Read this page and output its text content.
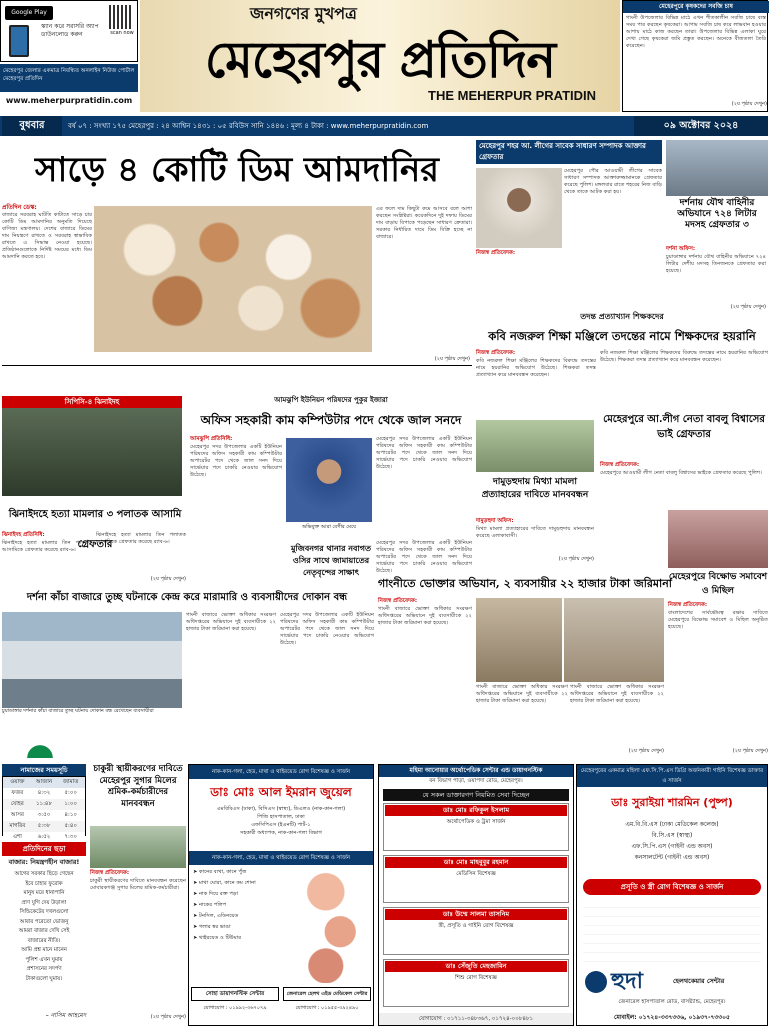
Google Play
scan now
স্ক্যান করে সরাসরি অ্যাপ ডাউনলোড করুন
মেহেরপুর জেলার একমাত্র নিবন্ধিত অনলাইন নিউজ পোর্টাল মেহেরপুর প্রতিদিন
www.meherpurpratidin.com
জনগণের মুখপত্র
মেহেরপুর প্রতিদিন
THE MEHERPUR PRATIDIN
মেহেরপুরে কৃষকদের সবজি চাষ
গাংনী উপজেলার বিভিন্ন মাঠে এখন শীতকালীন সবজি চাষে ব্যস্ত সময় পার করছেন কৃষকেরা। আগাম সবজি চাষ করে লাভবান হওয়ার আশায় মাঠে কাজ করছেন তারা। উপজেলার বিভিন্ন এলাকা ঘুরে দেখা গেছে কৃষকেরা জমি প্রস্তুত করছেন। অনেকে বীজতলা তৈরি করেছেন।
(২য় পৃষ্ঠায় দেখুন)
বুধবার	বর্ষ ০৭ : সংখ্যা ১৭৫ মেহেরপুর : ২৪ আশ্বিন ১৪৩১ : ০৫ রবিউস সানি ১৪৪৬ : মূল্য ৪ টাকা : www.meherpurpratidin.com	০৯ অক্টোবর ২০২৪
সাড়ে ৪ কোটি ডিম আমদানির
প্রতিদিন ডেস্ক:
বাজারে সরবরাহ ঘাটতি কাটাতে সাড়ে চার কোটি ডিম আমদানির অনুমতি দিয়েছে বাণিজ্য মন্ত্রণালয়। দেশের বাজারে ডিমের দাম নিয়ন্ত্রণে রাখতে ও সরবরাহ স্বাভাবিক রাখতে এ সিদ্ধান্ত নেওয়া হয়েছে। প্রতিষ্ঠানগুলোকে নির্দিষ্ট সময়ের মধ্যে ডিম আমদানি করতে হবে।
এর ফলে দাম কিছুটা কমে আসবে বলে আশা করছেন সংশ্লিষ্টরা। কয়েকদিনে দুই দফায় ডিমের দাম বাড়ায় বিপাকে পড়েছেন সাধারণ ক্রেতারা। সরকার নির্ধারিত দামে ডিম বিক্রি হচ্ছে না বাজারে।
(২য় পৃষ্ঠায় দেখুন)
মেহেরপুর শহর আ. লীগের সাবেক সাধারণ সম্পাদক আক্তার গ্রেফতার
নিজস্ব প্রতিবেদক:
মেহেরপুর পৌর আওয়ামী লীগের সাবেক সাধারণ সম্পাদক আক্তারুজ্জামানকে গ্রেফতার করেছে পুলিশ। মঙ্গলবার রাতে শহরের নিজ বাড়ি থেকে তাকে আটক করা হয়।
দর্শনায় যৌথ বাহিনীর অভিযানে ৭২৪ লিটার মদসহ গ্রেফতার ৩
দর্শনা অফিস:
চুয়াডাঙ্গার দর্শনায় যৌথ বাহিনীর অভিযানে ৭২৪ লিটার দেশীয় মদসহ তিনজনকে গ্রেফতার করা হয়েছে।
(২য় পৃষ্ঠায় দেখুন)
তদন্ত প্রত্যাখ্যান শিক্ষকদের
কবি নজরুল শিক্ষা মঞ্জিলে তদন্তের নামে শিক্ষকদের হয়রানি
নিজস্ব প্রতিবেদক:
কবি নজরুল শিক্ষা মঞ্জিলের শিক্ষকদের বিরুদ্ধে তদন্তের নামে হয়রানির অভিযোগ উঠেছে। শিক্ষকরা তদন্ত প্রত্যাখ্যান করে মানববন্ধন করেছেন।
কবি নজরুল শিক্ষা মঞ্জিলের শিক্ষকদের বিরুদ্ধে তদন্তের নামে হয়রানির অভিযোগ উঠেছে। শিক্ষকরা তদন্ত প্রত্যাখ্যান করে মানববন্ধন করেছেন।
মেহেরপুরে আ.লীগ নেতা বাবলু বিশ্বাসের ভাই গ্রেফতার
নিজস্ব প্রতিবেদক:
মেহেরপুরে আওয়ামী লীগ নেতা বাবলু বিশ্বাসের ভাইকে গ্রেফতার করেছে পুলিশ।
দামুড়হুদায় মিথ্যা মামলা প্রত্যাহারের দাবিতে মানববন্ধন
দামুড়হুদা অফিস:
মিথ্যা মামলা প্রত্যাহারের দাবিতে দামুড়হুদায় মানববন্ধন করেছে এলাকাবাসী।
(২য় পৃষ্ঠায় দেখুন)
মেহেরপুরে বিক্ষোভ সমাবেশ ও মিছিল
নিজস্ব প্রতিবেদক:
বাংলাদেশের সার্বভৌমত্ব রক্ষার দাবিতে মেহেরপুরে বিক্ষোভ সমাবেশ ও মিছিল অনুষ্ঠিত হয়েছে।
(২য় পৃষ্ঠায় দেখুন)
আমঝুপি ইউনিয়ন পরিষদের পুকুর ইজারা
অফিস সহকারী কাম কম্পিউটার পদে থেকে জাল সনদে
আমঝুপি প্রতিনিধি:
মেহেরপুর সদর উপজেলার একটি ইউনিয়ন পরিষদের অফিস সহকারী কাম কম্পিউটার অপারেটর পদে থেকে জাল সনদ দিয়ে সার্ভেয়ার পদে চাকরি নেওয়ার অভিযোগ উঠেছে।
অভিযুক্ত আরা বেগীর মেয়ে
মেহেরপুর সদর উপজেলার একটি ইউনিয়ন পরিষদের অফিস সহকারী কাম কম্পিউটার অপারেটর পদে থেকে জাল সনদ দিয়ে সার্ভেয়ার পদে চাকরি নেওয়ার অভিযোগ উঠেছে।
মুজিবনগর থানার নবাগত ওসির সাথে জামায়াতের নেতৃবৃন্দের সাক্ষাৎ
মেহেরপুর সদর উপজেলার একটি ইউনিয়ন পরিষদের অফিস সহকারী কাম কম্পিউটার অপারেটর পদে থেকে জাল সনদ দিয়ে সার্ভেয়ার পদে চাকরি নেওয়ার অভিযোগ উঠেছে।
সিপিসি-৪ ঝিনাইদহ
ঝিনাইদহে হত্যা মামলার ৩ পলাতক আসামি গ্রেফতার
ঝিনাইদহ প্রতিনিধি:
ঝিনাইদহে হত্যা মামলার তিন পলাতক আসামিকে গ্রেফতার করেছে র‌্যাব-৬।
ঝিনাইদহে হত্যা মামলার তিন পলাতক আসামিকে গ্রেফতার করেছে র‌্যাব-৬।
(২য় পৃষ্ঠায় দেখুন)
দর্শনা কাঁচা বাজারে তুচ্ছ ঘটনাকে কেন্দ্র করে মারামারি ও ব্যবসায়ীদের দোকান বন্ধ
চুয়াডাঙ্গার দর্শনার কাঁচা বাজারে তুচ্ছ ঘটনায় দোকান বন্ধ রেখেছেন ব্যবসায়ীরা
গাংনী বাজারে ভোক্তা অধিকার সংরক্ষণ অধিদপ্তরের অভিযানে দুই ব্যবসায়ীকে ২২ হাজার টাকা জরিমানা করা হয়েছে।
মেহেরপুর সদর উপজেলার একটি ইউনিয়ন পরিষদের অফিস সহকারী কাম কম্পিউটার অপারেটর পদে থেকে জাল সনদ দিয়ে সার্ভেয়ার পদে চাকরি নেওয়ার অভিযোগ উঠেছে।
গাংনীতে ভোক্তার অভিযান, ২ ব্যবসায়ীর ২২ হাজার টাকা জরিমানা
নিজস্ব প্রতিবেদক:
গাংনী বাজারে ভোক্তা অধিকার সংরক্ষণ অধিদপ্তরের অভিযানে দুই ব্যবসায়ীকে ২২ হাজার টাকা জরিমানা করা হয়েছে।
গাংনী বাজারে ভোক্তা অধিকার সংরক্ষণ অধিদপ্তরের অভিযানে দুই ব্যবসায়ীকে ২২ হাজার টাকা জরিমানা করা হয়েছে।
গাংনী বাজারে ভোক্তা অধিকার সংরক্ষণ অধিদপ্তরের অভিযানে দুই ব্যবসায়ীকে ২২ হাজার টাকা জরিমানা করা হয়েছে।
(২য় পৃষ্ঠায় দেখুন)
নামাজের সময়সূচি
ওয়াক্ত	আজান	জামাত
ফজর	৪:৩২	৫:০০
যোহর	১১:৪৮	১:০০
আসর	৩:৫০	৪:১০
মাগরিব	৫:৩৮	৫:৪০
এশা	৬:৫২	৭:৩০
প্রতিদিনের ছড়া
বাজার: নিয়ন্ত্রণহীন বাজার!
আগের সরকার ছিড়ে গেছেন
ইবে চাহার ফুরোক
মানুষ মরে ধানাপানি
প্রাণ যুগি দেয় উড়াল!
সিন্ডিকেটের দখলগুলো
আবার পরেতো ভোজনু
আমরা বাজার দেখি সেই
বাজারের নীতি।
আমি প্রশ্ন মানে মানেন
পুলিশ এখন ঘুমায়
প্রশাসনের সদর্পণ
টাকাগুলো ঘুমায়।
– নাসিম আহমেদ
চাকুরী স্থায়ীকরণের দাবিতে মেহেরপুর সুগার মিলের শ্রমিক-কর্মচারীদের মানববন্ধন
নিজস্ব প্রতিবেদক:
চাকুরী স্থায়ীকরণের দাবিতে মানববন্ধন করেছেন মোবারকগঞ্জ সুগার মিলের শ্রমিক-কর্মচারীরা।
(২য় পৃষ্ঠায় দেখুন)
নাক-কান-গলা, হেড, মাথা ও থাইরয়েড রোগ বিশেষজ্ঞ ও সার্জন
ডাঃ মোঃ আল ইমরান জুয়েল
এমবিবিএস (ঢাকা), বিসিএস (স্বাস্থ্য), ডিএলও (নাক-কান-গলা)
পিজি হাসপাতাল, ঢাকা
এফসিপিএস (ইএনটি) পার্ট-১
সহকারী অধ্যাপক, নাক-কান-গলা বিভাগ
নাক-কান-গলা, হেড, মাথা ও থাইরয়েড রোগ বিশেষজ্ঞ ও সার্জন
➤ কানের ব্যথা, কানে পুঁজ
➤ মাথা ঘোরা, কানে কম শোনা
➤ নাক দিয়ে রক্ত পড়া
➤ নাকের পলিপ
➤ টনসিল, এডিনয়েড
➤ গলার স্বর ভাঙা
➤ থাইরয়েড ও টিউমার
সোহা ডায়াগনস্টিক সেন্টার	জেনারেল হেলথ এইড মেডিকেল সেন্টার
যোগাযোগ : ০১৯৯২-৩৬৭০৭৯	যোগাযোগ : ০১৯৫৫-৩৯২৪৯০
মহিমা আনোয়ার অর্থোপেডিক সেন্টার এন্ড ডায়াগনস্টিক
বন বিভাগ পাড়া, ওয়াপদা রোড, মেহেরপুর।
যে সকল ডাক্তারগণ নিয়মিত সেবা দিচ্ছেন
ডাঃ মোঃ রফিকুল ইসলাম
অর্থোপেডিক ও ট্রমা সার্জন
ডাঃ মোঃ মাহবুবুর রহমান
মেডিসিন বিশেষজ্ঞ
ডাঃ উম্মে সালমা তাসনিম
স্ত্রী, প্রসূতি ও গাইনি রোগ বিশেষজ্ঞ
ডাঃ সেঁজুতি মেহজাবিন
শিশু রোগ বিশেষজ্ঞ
যোগাযোগ : ০১৭১১-৩৪৮৩৬৭, ০১৭২৪-০০৮৪৮১
মেহেরপুরের একমাত্র মহিলা এফ.সি.পি.এস ডিগ্রি অর্জনকারী গাইনি বিশেষজ্ঞ ডাক্তার ও সার্জন
ডাঃ সুরাইয়া শারমিন (পুষ্প)
এম.বি.বি.এস (ঢাকা মেডিকেল কলেজ)
বি.সি.এস (স্বাস্থ্য)
এফ.সি.পি.এস (গাইনী এন্ড অবস)
কনসালটেন্ট (গাইনী এন্ড অবস)
প্রসূতি ও স্ত্রী রোগ বিশেষজ্ঞ ও সার্জন
হুদা	হেলথকেয়ার সেন্টার
জেনারেল হাসপাতাল রোড, বাসষ্ট্যান্ড, মেহেরপুর।
মোবাইল: ০১৭২৪-৩৩৭৩৩৬, ০১৯৩৭-৭৩৩০৫
